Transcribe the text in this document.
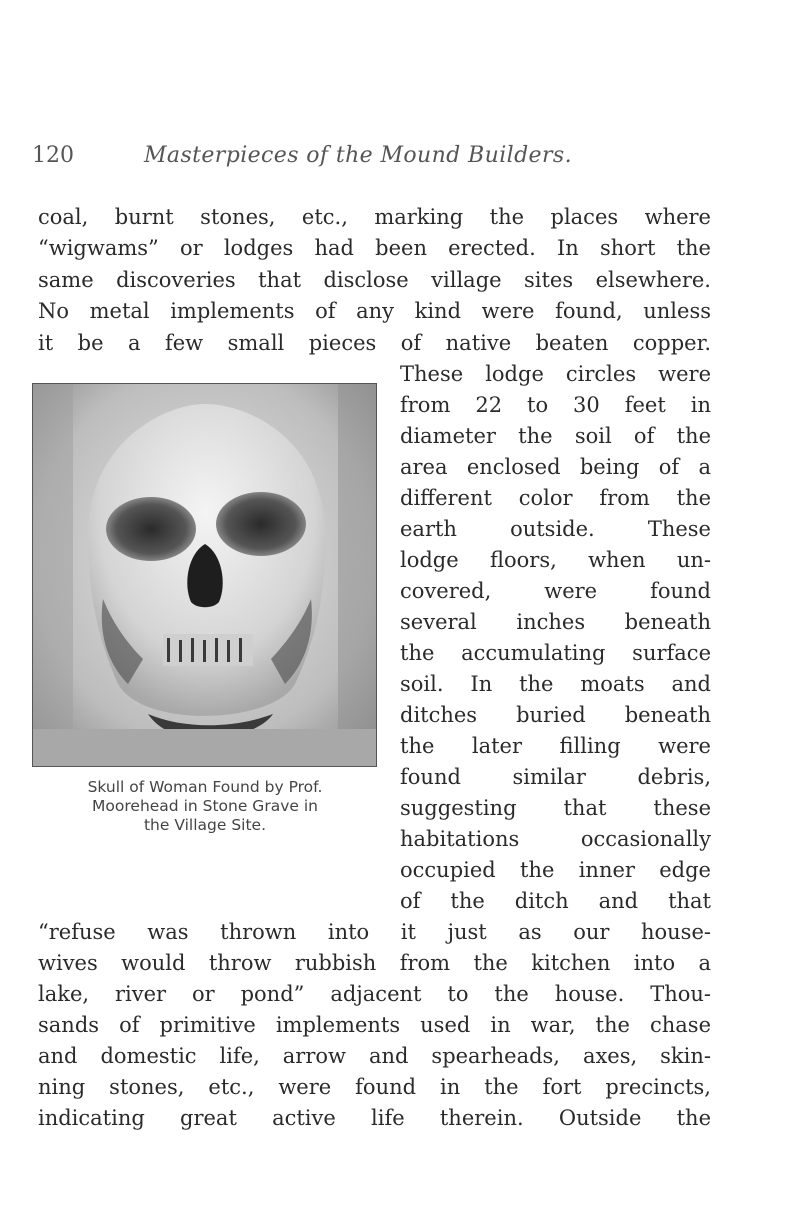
120	Masterpieces of the Mound Builders.
coal, burnt stones, etc., marking the places where
“wigwams” or lodges had been erected. In short the
same discoveries that disclose village sites elsewhere.
No metal implements of any kind were found, unless
it be a few small pieces of native beaten copper.
These lodge circles were
from 22 to 30 feet in
diameter the soil of the
area enclosed being of a
different color from the
earth outside. These
lodge floors, when un-
covered, were found
several inches beneath
the accumulating surface
soil. In the moats and
ditches buried beneath
the later filling were
found similar debris,
suggesting that these
habitations occasionally
occupied the inner edge
of the ditch and that
Skull of Woman Found by Prof.
Moorehead in Stone Grave in
the Village Site.
“refuse was thrown into it just as our house-
wives would throw rubbish from the kitchen into a
lake, river or pond” adjacent to the house. Thou-
sands of primitive implements used in war, the chase
and domestic life, arrow and spearheads, axes, skin-
ning stones, etc., were found in the fort precincts,
indicating great active life therein. Outside the
